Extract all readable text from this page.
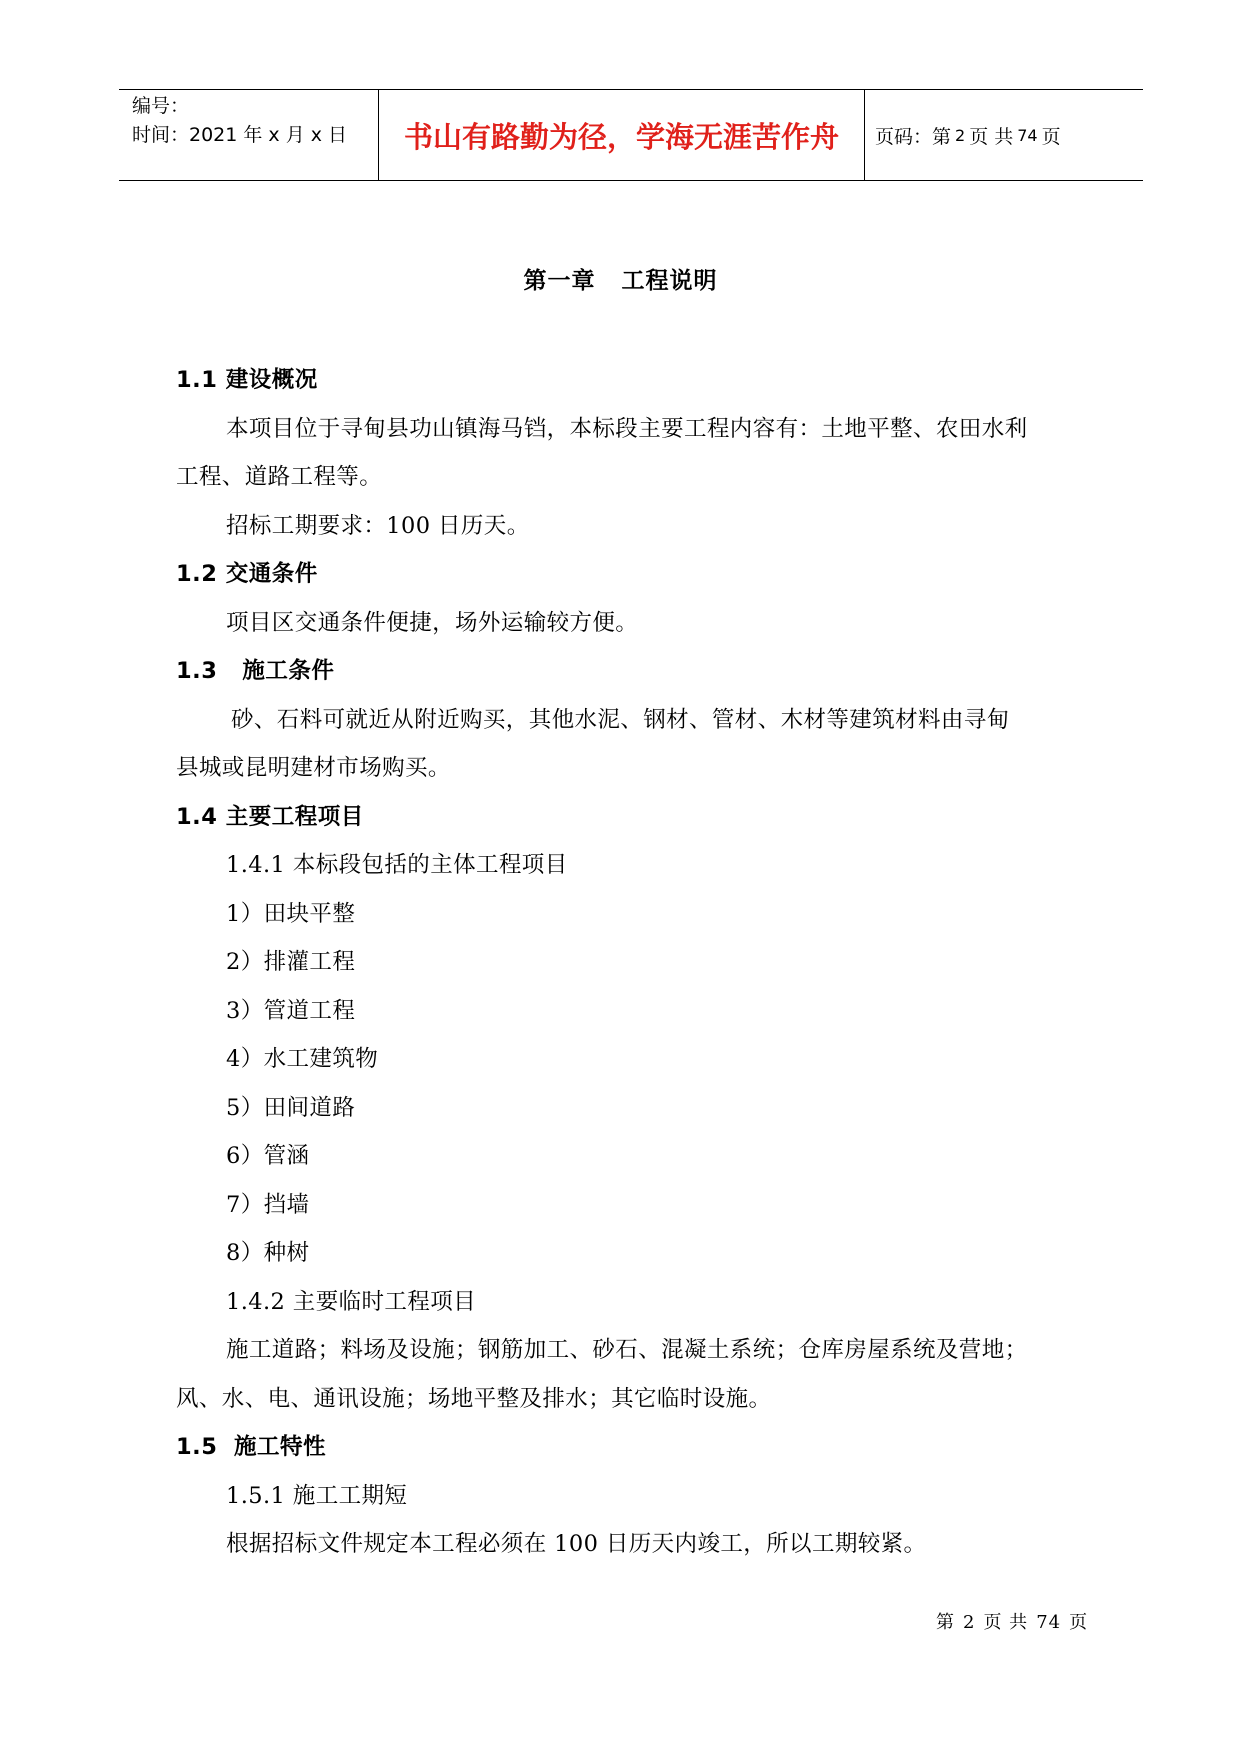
编号：
时间：2021 年 x 月 x 日	书山有路勤为径，学海无涯苦作舟	页码：第 2 页 共 74 页
第一章 工程说明
1.1 建设概况
本项目位于寻甸县功山镇海马铛，本标段主要工程内容有：土地平整、农田水利
工程、道路工程等。
招标工期要求：100 日历天。
1.2 交通条件
项目区交通条件便捷，场外运输较方便。
1.3   施工条件
砂、石料可就近从附近购买，其他水泥、钢材、管材、木材等建筑材料由寻甸
县城或昆明建材市场购买。
1.4 主要工程项目
1.4.1 本标段包括的主体工程项目
1）田块平整
2）排灌工程
3）管道工程
4）水工建筑物
5）田间道路
6）管涵
7）挡墙
8）种树
1.4.2 主要临时工程项目
施工道路；料场及设施；钢筋加工、砂石、混凝土系统；仓库房屋系统及营地；
风、水、电、通讯设施；场地平整及排水；其它临时设施。
1.5  施工特性
1.5.1 施工工期短
根据招标文件规定本工程必须在 100 日历天内竣工，所以工期较紧。
第 2 页 共 74 页
